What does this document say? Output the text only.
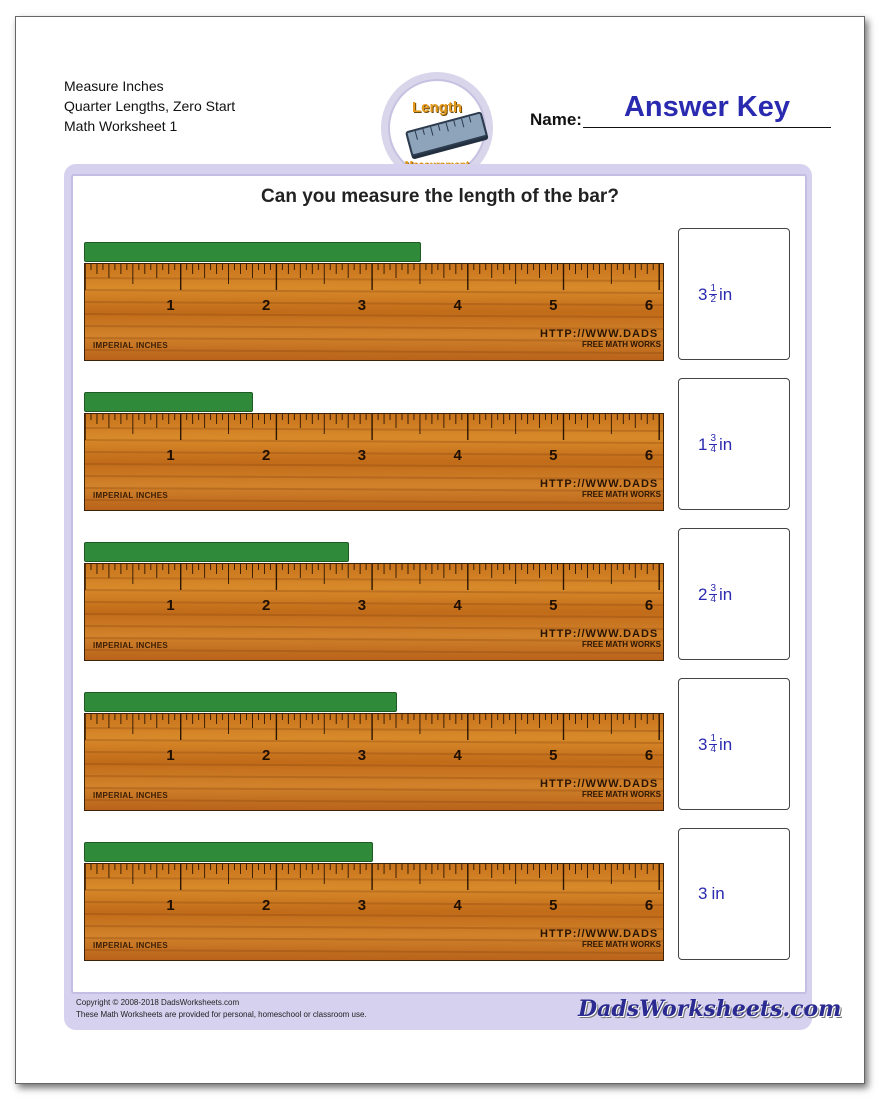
Measure Inches
Quarter Lengths, Zero Start
Math Worksheet 1
Length	Answer Key
Name:
Can you measure the length of the bar?
1	2	3	4	5	6
IMPERIAL INCHES
HTTP://WWW.DADS
FREE MATH WORKS
$3 \frac{1}{2}$ in
1	2	3	4	5	6
IMPERIAL INCHES
HTTP://WWW.DADS
FREE MATH WORKS
$1 \frac{3}{4}$ in
1	2	3	4	5	6
IMPERIAL INCHES
HTTP://WWW.DADS
FREE MATH WORKS
$2 \frac{3}{4}$ in
1	2	3	4	5	6
IMPERIAL INCHES
HTTP://WWW.DADS
FREE MATH WORKS
$3 \frac{1}{4}$ in
1	2	3	4	5	6
IMPERIAL INCHES
HTTP://WWW.DADS
FREE MATH WORKS
3 in
Copyright © 2008-2018 DadsWorksheets.com
These Math Worksheets are provided for personal, homeschool or classroom use.	DadsWorksheets.com
